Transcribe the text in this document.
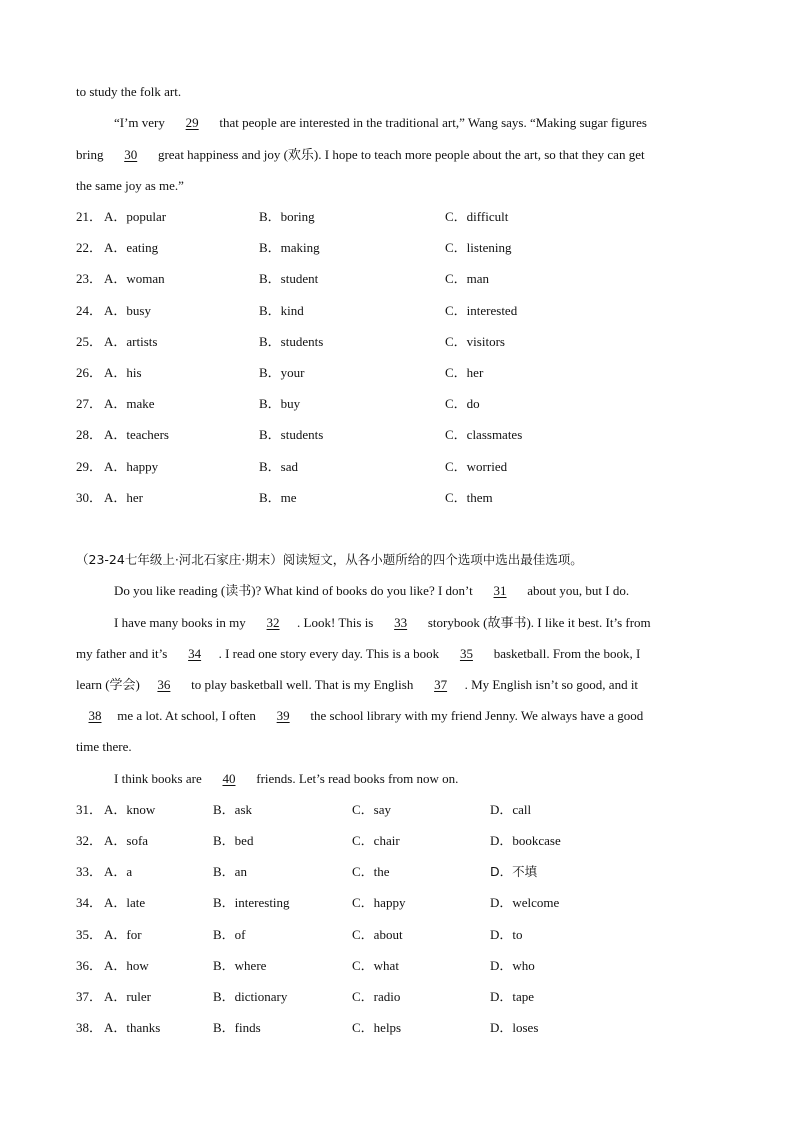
to study the folk art.
“I’m very 29 that people are interested in the traditional art,” Wang says. “Making sugar figures
bring 30 great happiness and joy (欢乐). I hope to teach more people about the art, so that they can get
the same joy as me.”
21． A．popular	B．boring	C．difficult
22． A．eating	B．making	C．listening
23． A．woman	B．student	C．man
24． A．busy	B．kind	C．interested
25． A．artists	B．students	C．visitors
26． A．his	B．your	C．her
27． A．make	B．buy	C．do
28． A．teachers	B．students	C．classmates
29． A．happy	B．sad	C．worried
30． A．her	B．me	C．them
（23-24七年级上·河北石家庄·期末）阅读短文，从各小题所给的四个选项中选出最佳选项。
Do you like reading (读书)? What kind of books do you like? I don’t 31 about you, but I do.
I have many books in my 32 . Look! This is 33 storybook (故事书). I like it best. It’s from
my father and it’s 34 . I read one story every day. This is a book 35 basketball. From the book, I
learn (学会) 36 to play basketball well. That is my English 37 . My English isn’t so good, and it
38 me a lot. At school, I often 39 the school library with my friend Jenny. We always have a good
time there.
I think books are 40 friends. Let’s read books from now on.
31． A．know	B．ask	C．say	D．call
32． A．sofa	B．bed	C．chair	D．bookcase
33． A．a	B．an	C．the	D．不填
34． A．late	B．interesting	C．happy	D．welcome
35． A．for	B．of	C．about	D．to
36． A．how	B．where	C．what	D．who
37． A．ruler	B．dictionary	C．radio	D．tape
38． A．thanks	B．finds	C．helps	D．loses
